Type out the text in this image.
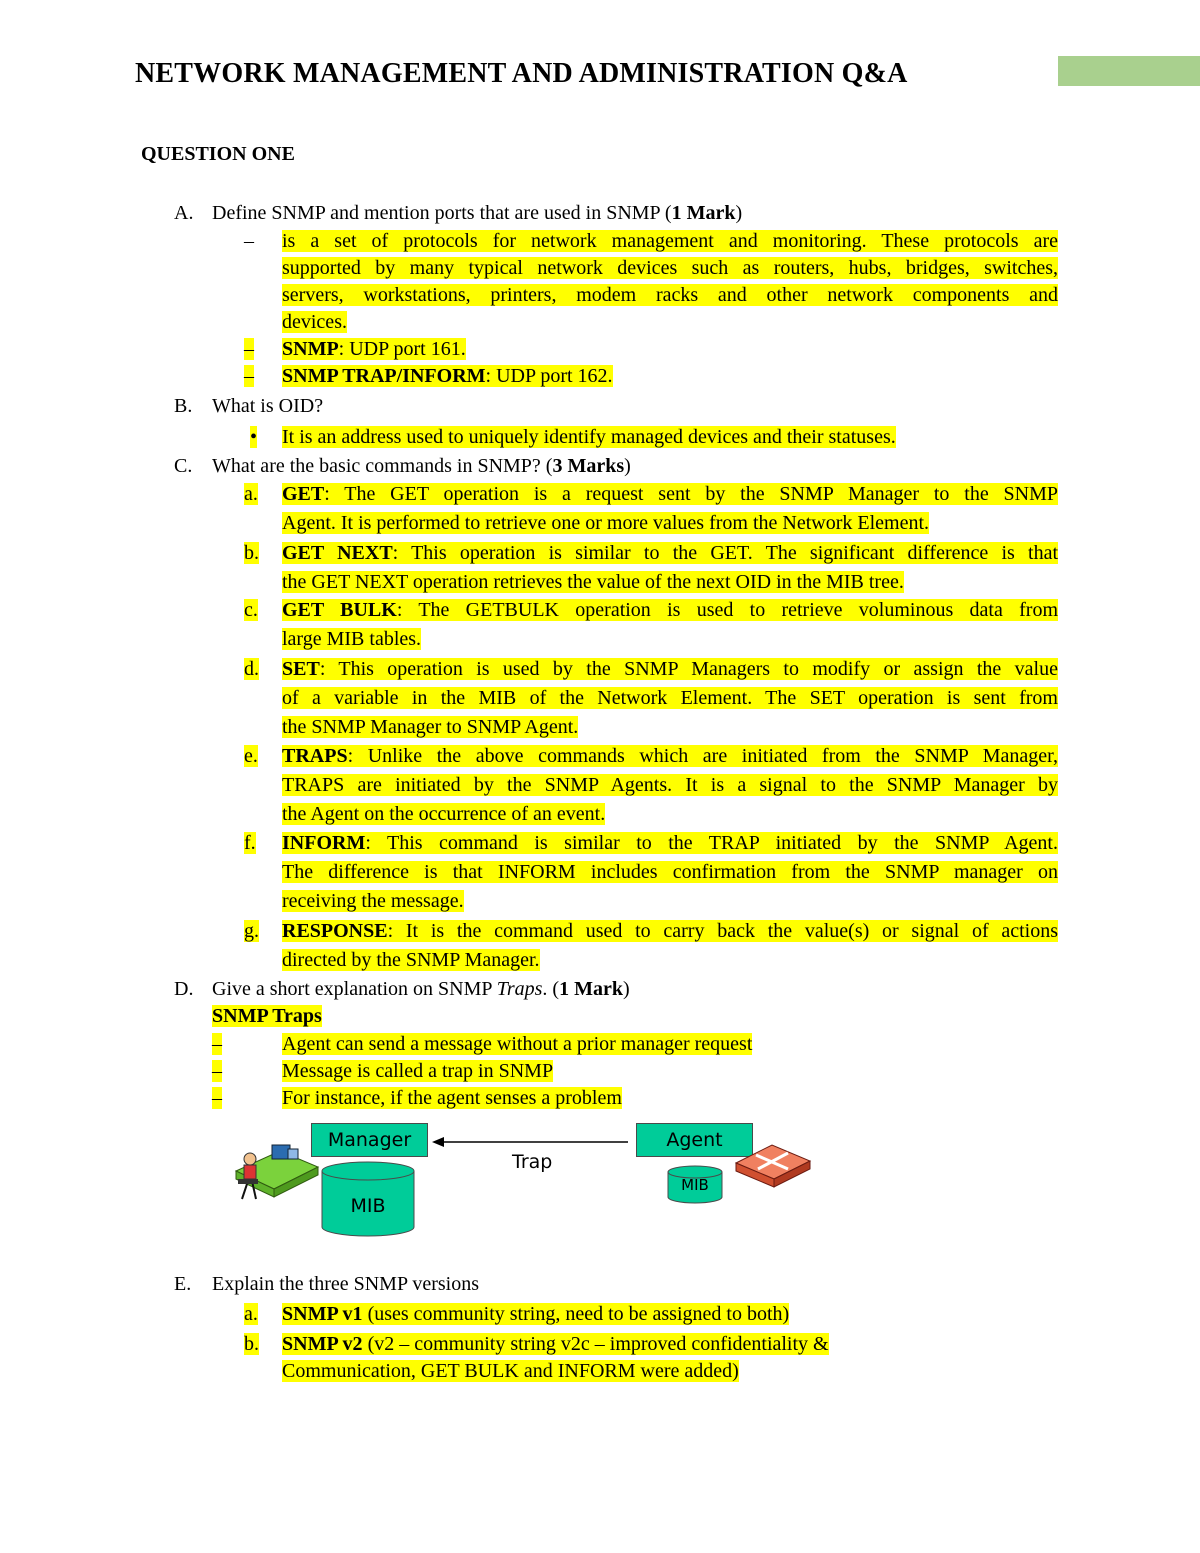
NETWORK MANAGEMENT AND ADMINISTRATION Q&A
QUESTION ONE
A. Define SNMP and mention ports that are used in SNMP (1 Mark)
– is a set of protocols for network management and monitoring. These protocols are
supported by many typical network devices such as routers, hubs, bridges, switches,
servers, workstations, printers, modem racks and other network components and
devices.
– SNMP: UDP port 161.
– SNMP TRAP/INFORM: UDP port 162.
B. What is OID?
• It is an address used to uniquely identify managed devices and their statuses.
C. What are the basic commands in SNMP? (3 Marks)
a. GET: The GET operation is a request sent by the SNMP Manager to the SNMP
Agent. It is performed to retrieve one or more values from the Network Element.
b. GET NEXT: This operation is similar to the GET. The significant difference is that
the GET NEXT operation retrieves the value of the next OID in the MIB tree.
c. GET BULK: The GETBULK operation is used to retrieve voluminous data from
large MIB tables.
d. SET: This operation is used by the SNMP Managers to modify or assign the value
of a variable in the MIB of the Network Element. The SET operation is sent from
the SNMP Manager to SNMP Agent.
e. TRAPS: Unlike the above commands which are initiated from the SNMP Manager,
TRAPS are initiated by the SNMP Agents. It is a signal to the SNMP Manager by
the Agent on the occurrence of an event.
f. INFORM: This command is similar to the TRAP initiated by the SNMP Agent.
The difference is that INFORM includes confirmation from the SNMP manager on
receiving the message.
g. RESPONSE: It is the command used to carry back the value(s) or signal of actions
directed by the SNMP Manager.
D. Give a short explanation on SNMP Traps. (1 Mark)
SNMP Traps
–	Agent can send a message without a prior manager request
–	Message is called a trap in SNMP
–	For instance, if the agent senses a problem
Manager
MIB
Trap
Agent
MIB
E. Explain the three SNMP versions
a. SNMP v1 (uses community string, need to be assigned to both)
b. SNMP v2 (v2 – community string v2c – improved confidentiality &
Communication, GET BULK and INFORM were added)
